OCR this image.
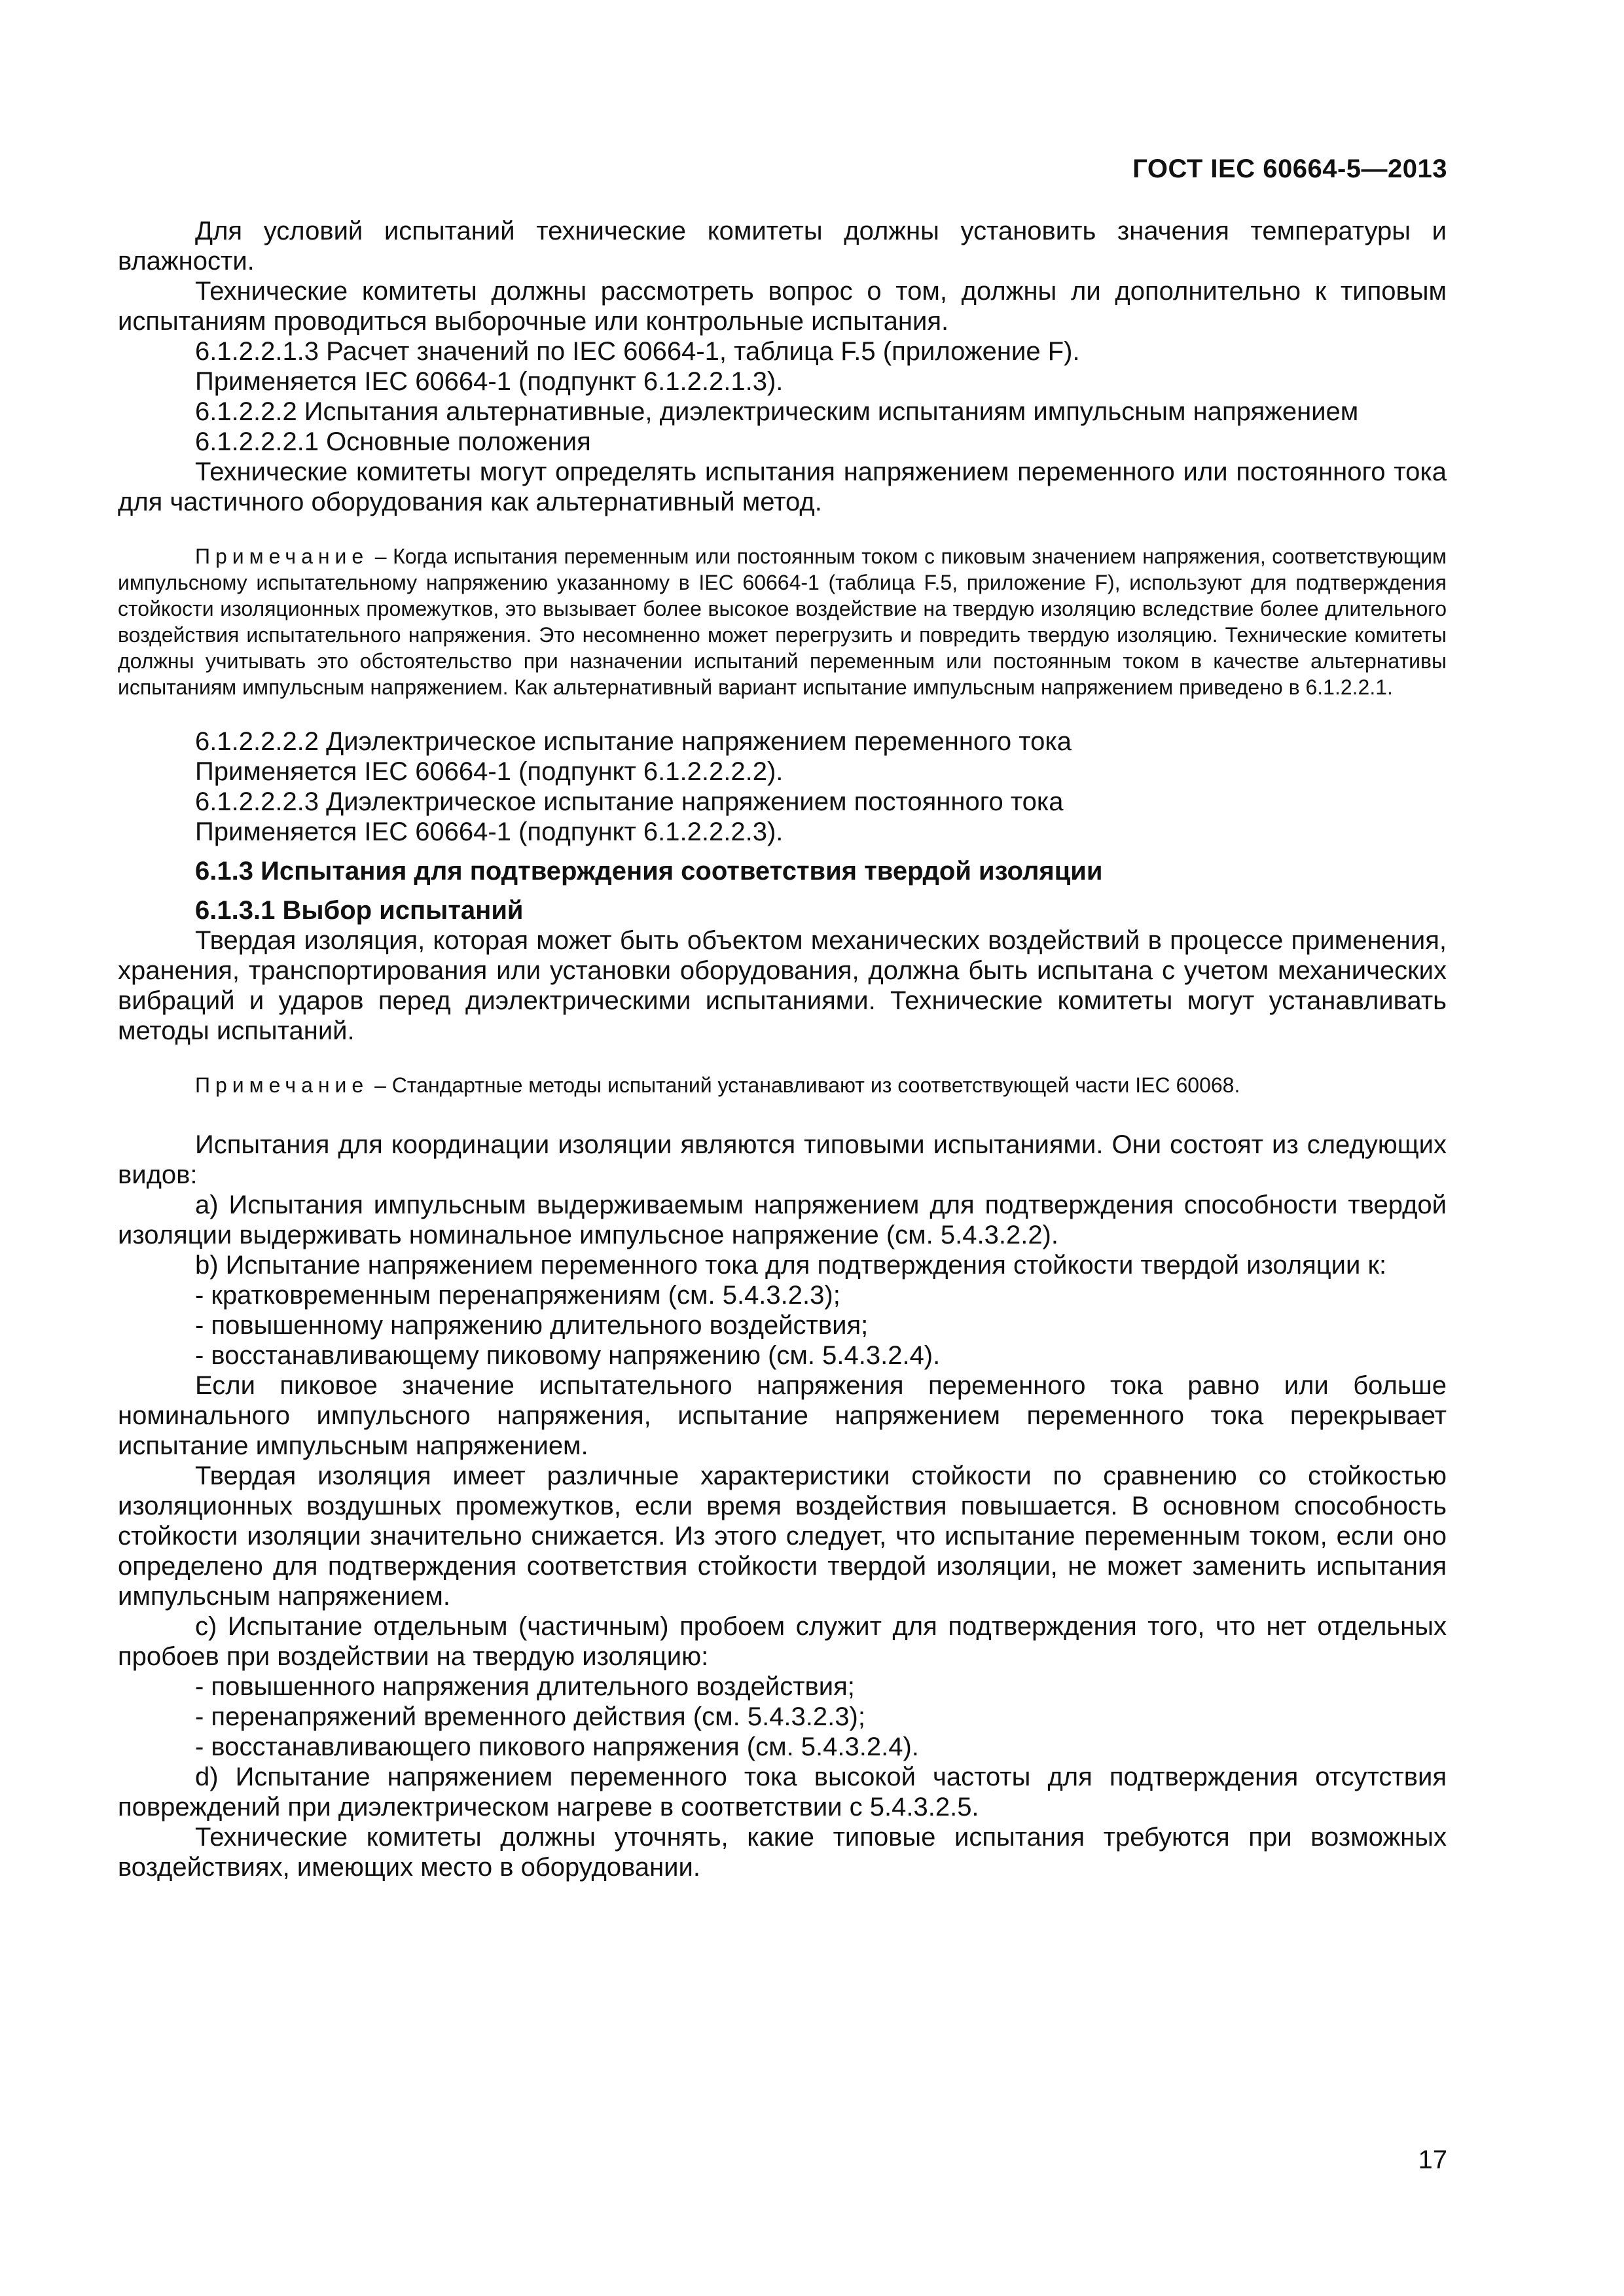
ГОСТ IEC 60664-5—2013

Для условий испытаний технические комитеты должны установить значения температуры и влажности.

Технические комитеты должны рассмотреть вопрос о том, должны ли дополнительно к типовым испытаниям проводиться выборочные или контрольные испытания.

6.1.2.2.1.3 Расчет значений по IEC 60664-1, таблица F.5 (приложение F).

Применяется IEC 60664-1 (подпункт 6.1.2.2.1.3).

6.1.2.2.2 Испытания альтернативные, диэлектрическим испытаниям импульсным напряжением

6.1.2.2.2.1 Основные положения

Технические комитеты могут определять испытания напряжением переменного или постоянного тока для частичного оборудования как альтернативный метод.

Примечание – Когда испытания переменным или постоянным током с пиковым значением напряжения, соответствующим импульсному испытательному напряжению указанному в IEC 60664-1 (таблица F.5, приложение F), используют для подтверждения стойкости изоляционных промежутков, это вызывает более высокое воздействие на твердую изоляцию вследствие более длительного воздействия испытательного напряжения. Это несомненно может перегрузить и повредить твердую изоляцию. Технические комитеты должны учитывать это обстоятельство при назначении испытаний переменным или постоянным током в качестве альтернативы испытаниям импульсным напряжением. Как альтернативный вариант испытание импульсным напряжением приведено в 6.1.2.2.1.

6.1.2.2.2.2 Диэлектрическое испытание напряжением переменного тока

Применяется IEC 60664-1 (подпункт 6.1.2.2.2.2).

6.1.2.2.2.3 Диэлектрическое испытание напряжением постоянного тока

Применяется IEC 60664-1 (подпункт 6.1.2.2.2.3).

6.1.3 Испытания для подтверждения соответствия твердой изоляции

6.1.3.1 Выбор испытаний

Твердая изоляция, которая может быть объектом механических воздействий в процессе применения, хранения, транспортирования или установки оборудования, должна быть испытана с учетом механических вибраций и ударов перед диэлектрическими испытаниями. Технические комитеты могут устанавливать методы испытаний.

Примечание – Стандартные методы испытаний устанавливают из соответствующей части IEC 60068.

Испытания для координации изоляции являются типовыми испытаниями. Они состоят из следующих видов:

a) Испытания импульсным выдерживаемым напряжением для подтверждения способности твердой изоляции выдерживать номинальное импульсное напряжение (см. 5.4.3.2.2).

b) Испытание напряжением переменного тока для подтверждения стойкости твердой изоляции к:

- кратковременным перенапряжениям (см. 5.4.3.2.3);

- повышенному напряжению длительного воздействия;

- восстанавливающему пиковому напряжению (см. 5.4.3.2.4).

Если пиковое значение испытательного напряжения переменного тока равно или больше номинального импульсного напряжения, испытание напряжением переменного тока перекрывает испытание импульсным напряжением.

Твердая изоляция имеет различные характеристики стойкости по сравнению со стойкостью изоляционных воздушных промежутков, если время воздействия повышается. В основном способность стойкости изоляции значительно снижается. Из этого следует, что испытание переменным током, если оно определено для подтверждения соответствия стойкости твердой изоляции, не может заменить испытания импульсным напряжением.

c) Испытание отдельным (частичным) пробоем служит для подтверждения того, что нет отдельных пробоев при воздействии на твердую изоляцию:

- повышенного напряжения длительного воздействия;

- перенапряжений временного действия (см. 5.4.3.2.3);

- восстанавливающего пикового напряжения (см. 5.4.3.2.4).

d) Испытание напряжением переменного тока высокой частоты для подтверждения отсутствия повреждений при диэлектрическом нагреве в соответствии с 5.4.3.2.5.

Технические комитеты должны уточнять, какие типовые испытания требуются при возможных воздействиях, имеющих место в оборудовании.

17
